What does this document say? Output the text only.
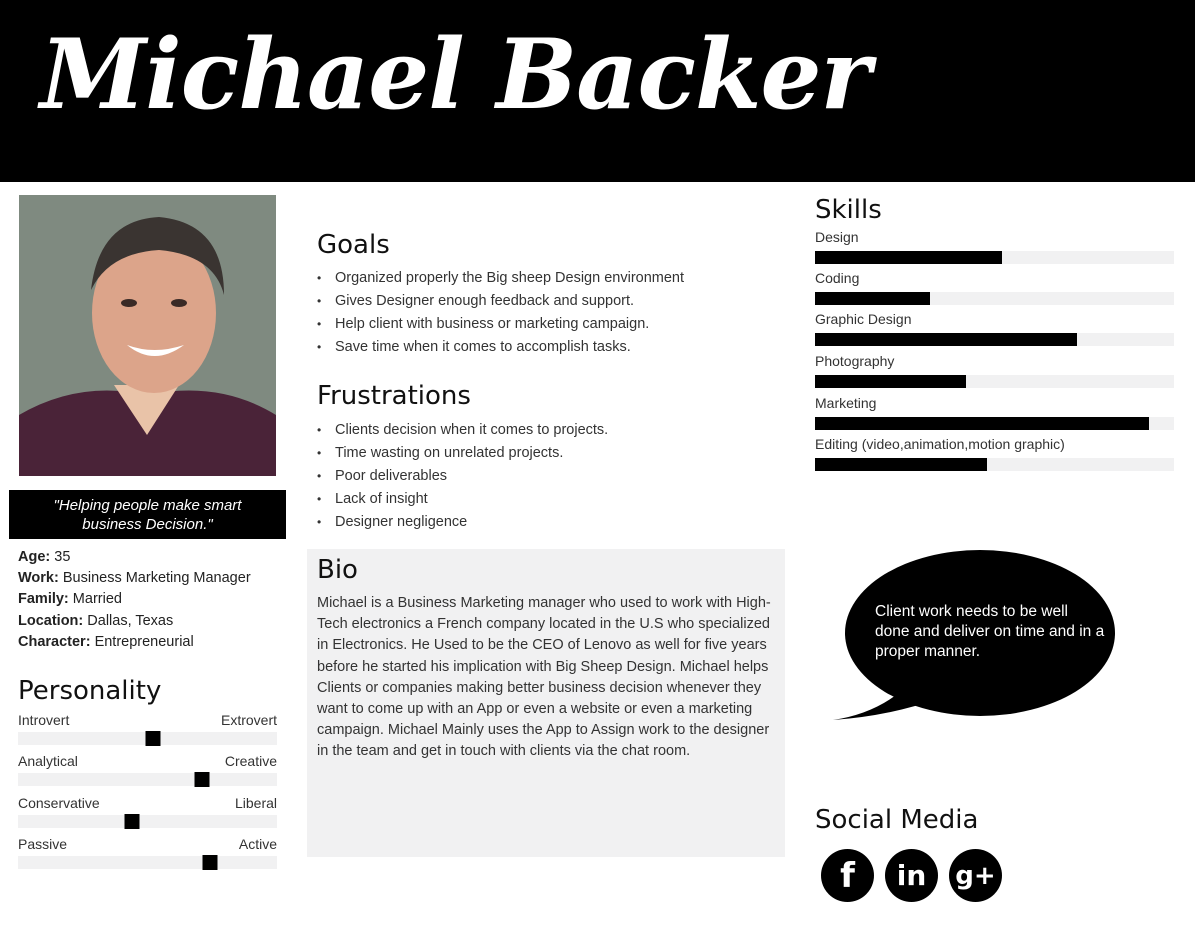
Michael Backer
"Helping people make smart business Decision."
Age: 35
Work: Business Marketing Manager
Family: Married
Location: Dallas, Texas
Character: Entrepreneurial
Personality
Introvert	Extrovert
Analytical	Creative
Conservative	Liberal
Passive	Active
Goals
• Organized properly the Big sheep Design environment
• Gives Designer enough feedback and support.
• Help client with business or marketing campaign.
• Save time when it comes to accomplish tasks.
Frustrations
• Clients decision when it comes to projects.
• Time wasting on unrelated projects.
• Poor deliverables
• Lack of insight
• Designer negligence
Bio

Michael is a Business Marketing manager who used to work with High-Tech electronics a French company located in the U.S who specialized in Electronics. He Used to be the CEO of Lenovo as well for five years before he started his implication with Big Sheep Design. Michael helps Clients or companies making better business decision whenever they want to come up with an App or even a website or even a marketing campaign. Michael Mainly uses the App to Assign work to the designer in the team and get in touch with clients via the chat room.

Skills
Design
Coding
Graphic Design
Photography
Marketing
Editing (video,animation,motion graphic)
Client work needs to be well done and deliver on time and in a proper manner.
Social Media
f in g+
